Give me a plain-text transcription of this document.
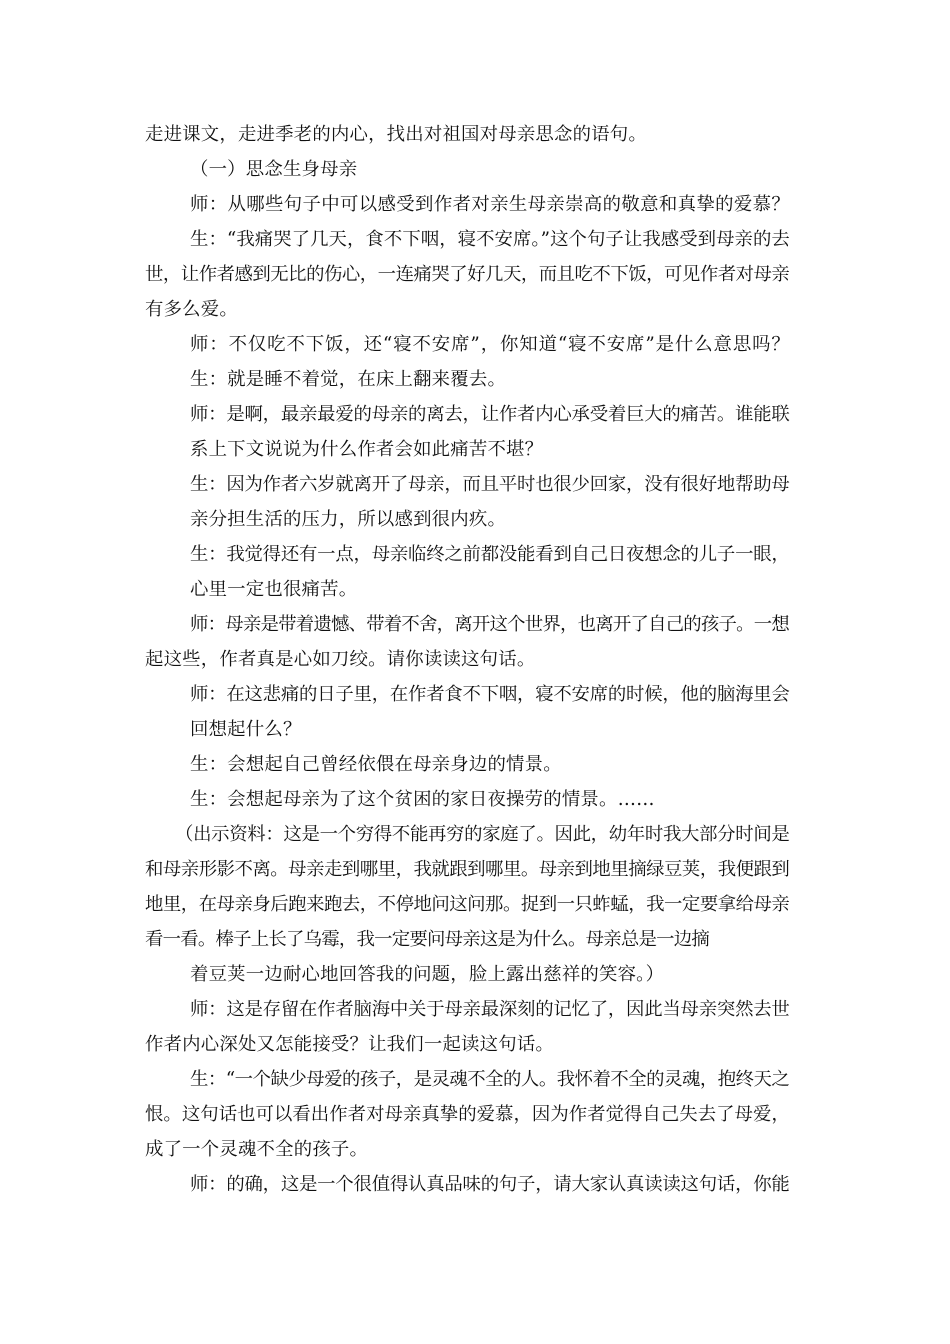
走进课文，走进季老的内心，找出对祖国对母亲思念的语句。
（一）思念生身母亲
师：从哪些句子中可以感受到作者对亲生母亲崇高的敬意和真挚的爱慕？
生：“我痛哭了几天，食不下咽，寝不安席。”这个句子让我感受到母亲的去
世，让作者感到无比的伤心，一连痛哭了好几天，而且吃不下饭，可见作者对母亲
有多么爱。
师：不仅吃不下饭，还“寝不安席”，你知道“寝不安席”是什么意思吗？
生：就是睡不着觉，在床上翻来覆去。
师：是啊，最亲最爱的母亲的离去，让作者内心承受着巨大的痛苦。谁能联
系上下文说说为什么作者会如此痛苦不堪？
生：因为作者六岁就离开了母亲，而且平时也很少回家，没有很好地帮助母
亲分担生活的压力，所以感到很内疚。
生：我觉得还有一点，母亲临终之前都没能看到自己日夜想念的儿子一眼，
心里一定也很痛苦。
师：母亲是带着遗憾、带着不舍，离开这个世界，也离开了自己的孩子。一想
起这些，作者真是心如刀绞。请你读读这句话。
师：在这悲痛的日子里，在作者食不下咽，寝不安席的时候，他的脑海里会
回想起什么？
生：会想起自己曾经依偎在母亲身边的情景。
生：会想起母亲为了这个贫困的家日夜操劳的情景。……
（出示资料：这是一个穷得不能再穷的家庭了。因此，幼年时我大部分时间是
和母亲形影不离。母亲走到哪里，我就跟到哪里。母亲到地里摘绿豆荚，我便跟到
地里，在母亲身后跑来跑去，不停地问这问那。捉到一只蚱蜢，我一定要拿给母亲
看一看。棒子上长了乌霉，我一定要问母亲这是为什么。母亲总是一边摘
着豆荚一边耐心地回答我的问题，脸上露出慈祥的笑容。）
师：这是存留在作者脑海中关于母亲最深刻的记忆了，因此当母亲突然去世
作者内心深处又怎能接受？让我们一起读这句话。
生：“一个缺少母爱的孩子，是灵魂不全的人。我怀着不全的灵魂，抱终天之
恨。这句话也可以看出作者对母亲真挚的爱慕，因为作者觉得自己失去了母爱，
成了一个灵魂不全的孩子。
师：的确，这是一个很值得认真品味的句子，请大家认真读读这句话，你能
